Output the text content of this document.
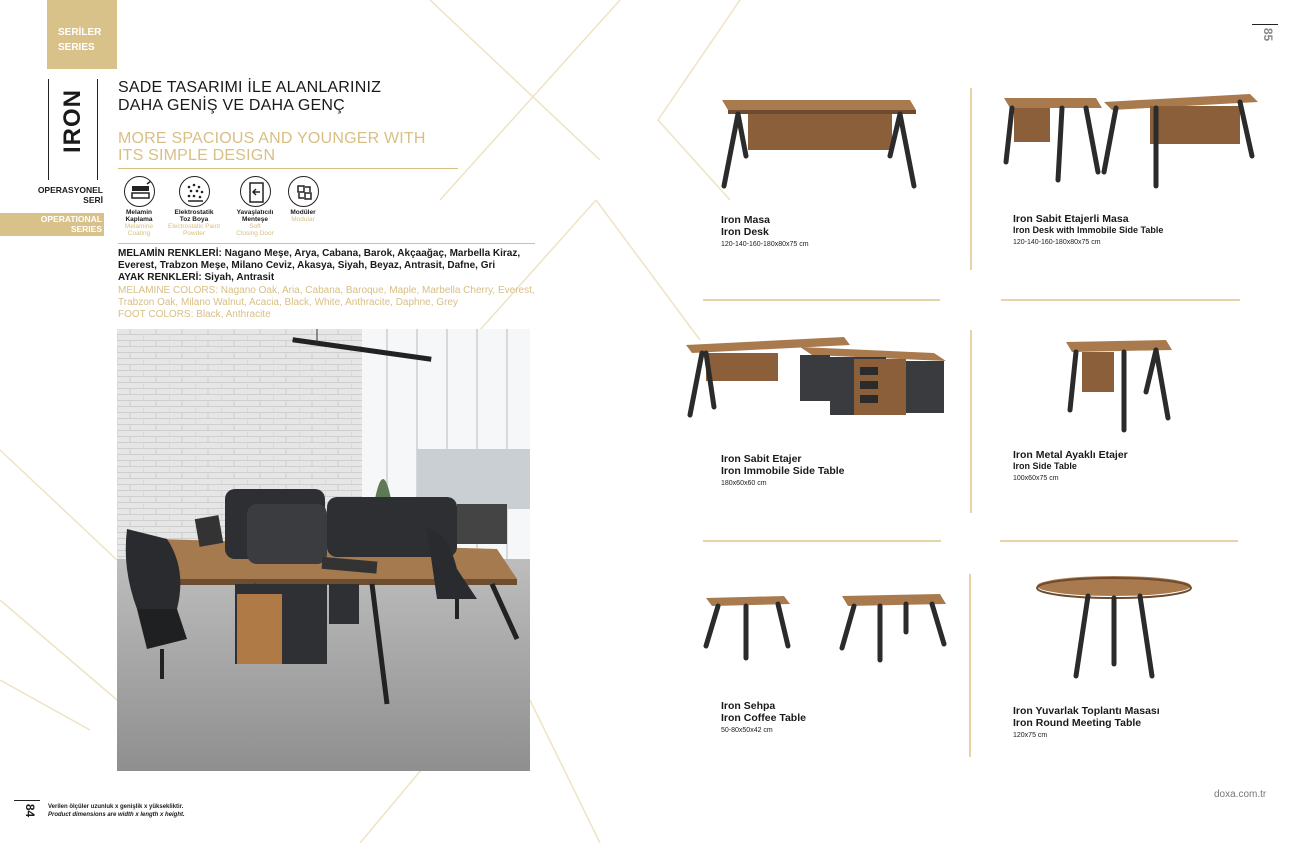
SERİLER
SERIES
IRON
OPERASYONEL
SERİ
OPERATIONAL
SERIES
SADE TASARIMI İLE ALANLARINIZ
DAHA GENİŞ VE DAHA GENÇ
MORE SPACIOUS AND YOUNGER WITH
ITS SIMPLE DESIGN
Melamin
Kaplama
Melamine
Coating
Elektrostatik
Toz Boya
Electrostatic Paint
Powder
Yavaşlatıcılı
Menteşe
Soft
Closing Door
Modüler
Modular
MELAMİN RENKLERİ: Nagano Meşe, Arya, Cabana, Barok, Akçaağaç, Marbella Kiraz, Everest, Trabzon Meşe, Milano Ceviz, Akasya, Siyah, Beyaz, Antrasit, Dafne, Gri
AYAK RENKLERİ: Siyah, Antrasit
MELAMINE COLORS: Nagano Oak, Aria, Cabana, Baroque, Maple, Marbella Cherry, Everest, Trabzon Oak, Milano Walnut, Acacia, Black, White, Anthracite, Daphne, Grey
FOOT COLORS: Black, Anthracite
84	Verilen ölçüler uzunluk x genişlik x yüksekliktir.
Product dimensions are width x length x height.
85
doxa.com.tr
Iron Masa
Iron Desk
120-140-160-180x80x75 cm
Iron Sabit Etajerli Masa
Iron Desk with Immobile Side Table
120-140-160-180x80x75 cm
Iron Sabit Etajer
Iron Immobile Side Table
180x60x60 cm
Iron Metal Ayaklı Etajer
Iron Side Table
100x60x75 cm
Iron Sehpa
Iron Coffee Table
50-80x50x42 cm
Iron Yuvarlak Toplantı Masası
Iron Round Meeting Table
120x75 cm
